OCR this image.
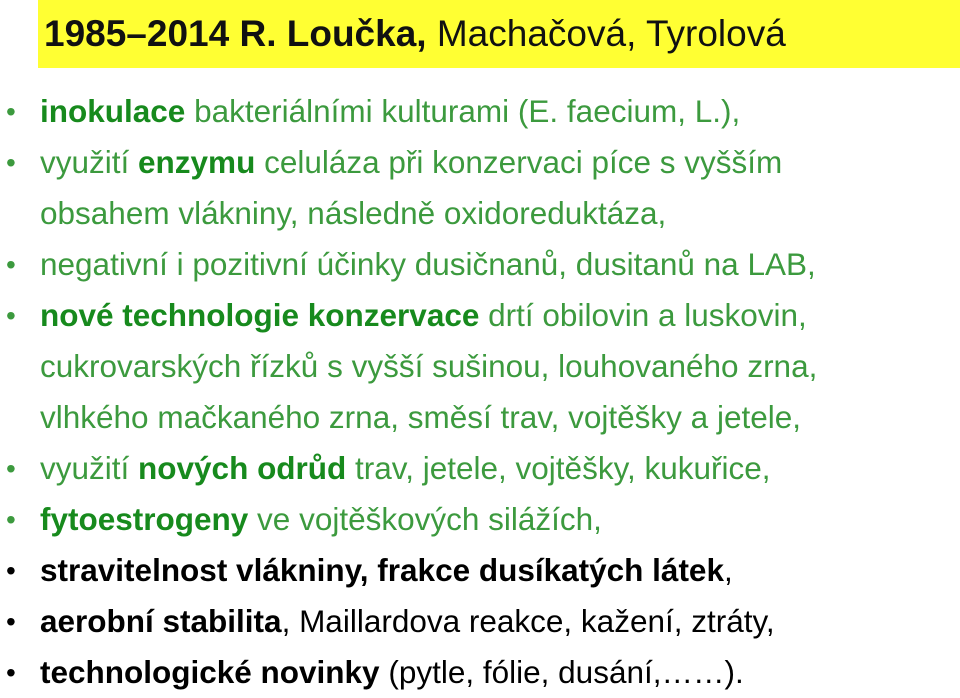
1985–2014 R. Loučka, Machačová, Tyrolová
• inokulace bakteriálními kulturami (E. faecium, L.),
• využití enzymu celuláza při konzervaci píce s vyšším
obsahem vlákniny, následně oxidoreduktáza,
• negativní i pozitivní účinky dusičnanů, dusitanů na LAB,
• nové technologie konzervace drtí obilovin a luskovin,
cukrovarských řízků s vyšší sušinou, louhovaného zrna,
vlhkého mačkaného zrna, směsí trav, vojtěšky a jetele,
• využití nových odrůd trav, jetele, vojtěšky, kukuřice,
• fytoestrogeny ve vojtěškových silážích,
• stravitelnost vlákniny, frakce dusíkatých látek,
• aerobní stabilita, Maillardova reakce, kažení, ztráty,
• technologické novinky (pytle, fólie, dusání,……).
